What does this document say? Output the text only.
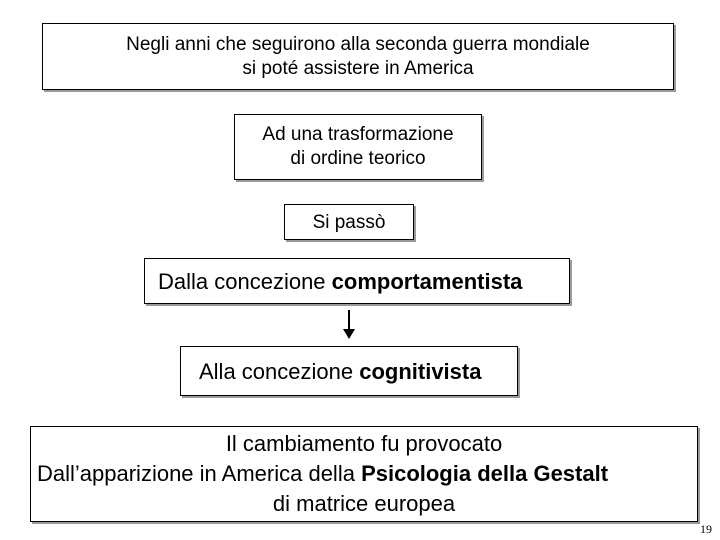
Negli anni che seguirono alla seconda guerra mondiale
si poté assistere in America
Ad una trasformazione
di ordine teorico
Si passò
Dalla concezione comportamentista
Alla concezione cognitivista
Il cambiamento fu provocato
Dall’apparizione in America della Psicologia della Gestalt
di matrice europea
19
